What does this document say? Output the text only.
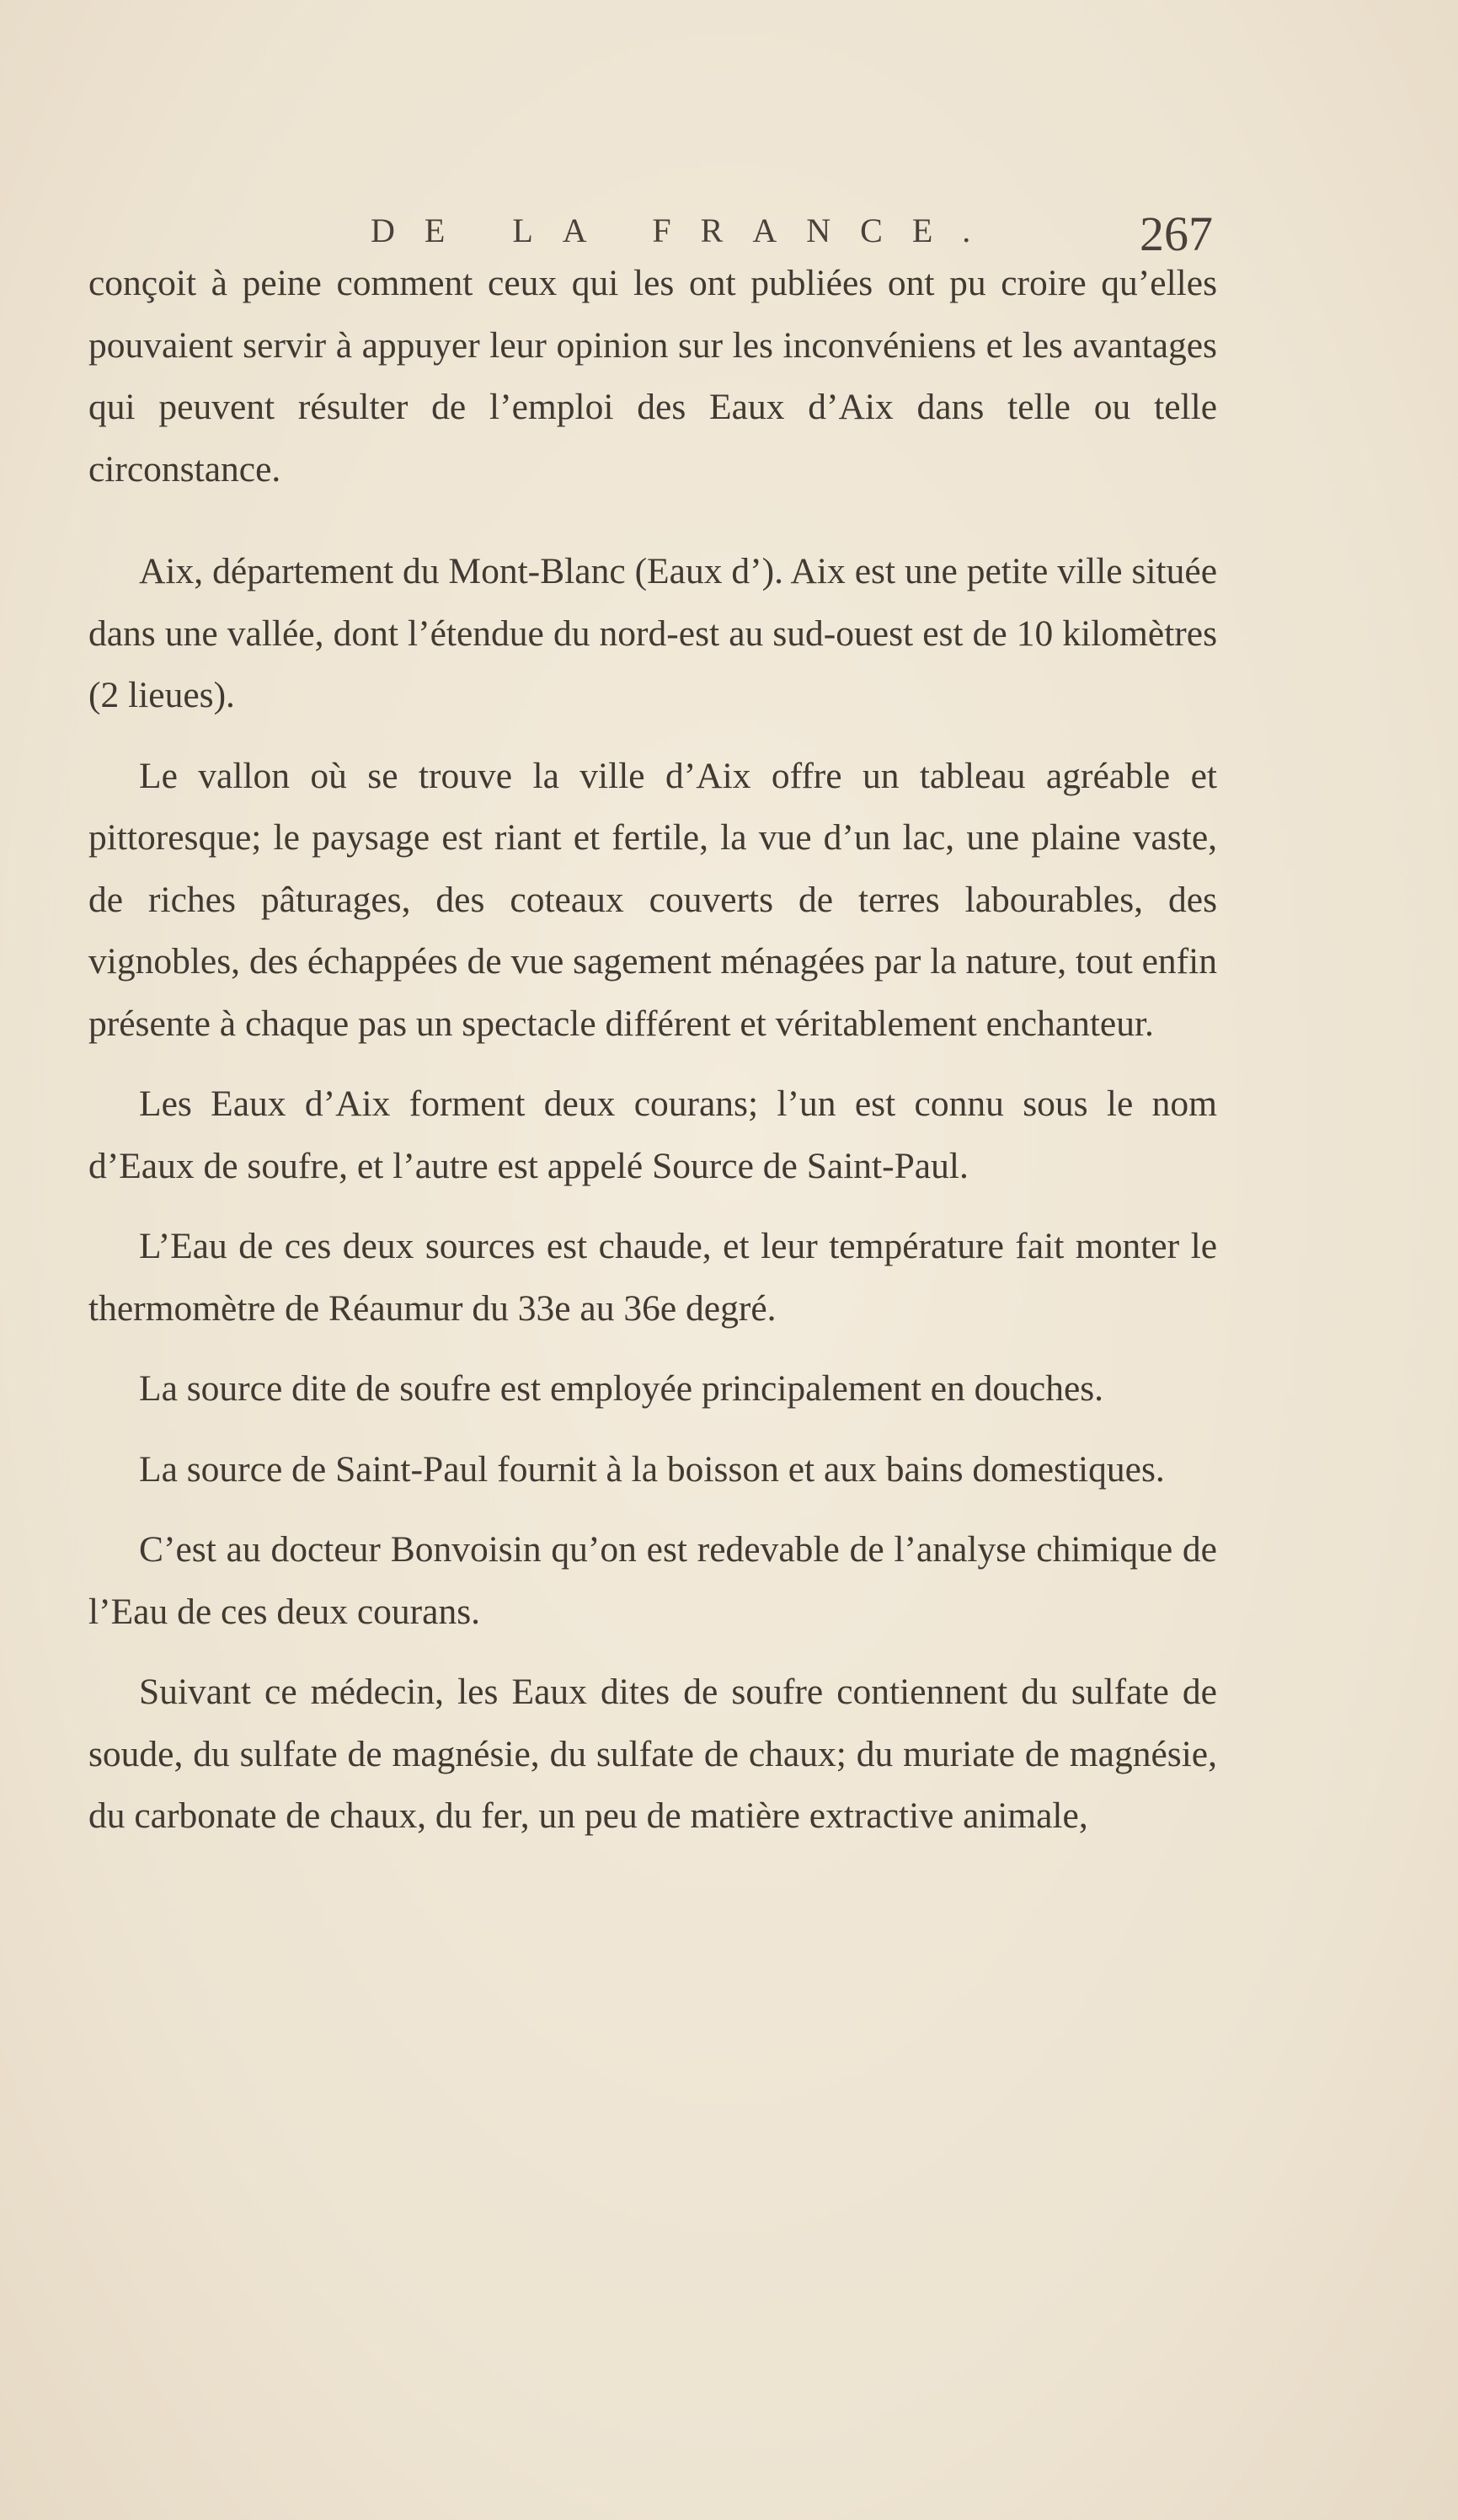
DE LA FRANCE.	267

conçoit à peine comment ceux qui les ont publiées ont pu croire qu’elles pouvaient servir à appuyer leur opinion sur les inconvéniens et les avantages qui peuvent résulter de l’emploi des Eaux d’Aix dans telle ou telle circonstance.

Aix, département du Mont-Blanc (Eaux d’). Aix est une petite ville située dans une vallée, dont l’étendue du nord-est au sud-ouest est de 10 kilomètres (2 lieues).

Le vallon où se trouve la ville d’Aix offre un tableau agréable et pittoresque; le paysage est riant et fertile, la vue d’un lac, une plaine vaste, de riches pâturages, des coteaux couverts de terres labourables, des vignobles, des échappées de vue sagement ménagées par la nature, tout enfin présente à chaque pas un spectacle différent et véritablement enchanteur.

Les Eaux d’Aix forment deux courans; l’un est connu sous le nom d’Eaux de soufre, et l’autre est appelé Source de Saint-Paul.

L’Eau de ces deux sources est chaude, et leur température fait monter le thermomètre de Réaumur du 33e au 36e degré.

La source dite de soufre est employée principalement en douches.

La source de Saint-Paul fournit à la boisson et aux bains domestiques.

C’est au docteur Bonvoisin qu’on est redevable de l’analyse chimique de l’Eau de ces deux courans.

Suivant ce médecin, les Eaux dites de soufre contiennent du sulfate de soude, du sulfate de magnésie, du sulfate de chaux; du muriate de magnésie, du carbonate de chaux, du fer, un peu de matière extractive animale,
